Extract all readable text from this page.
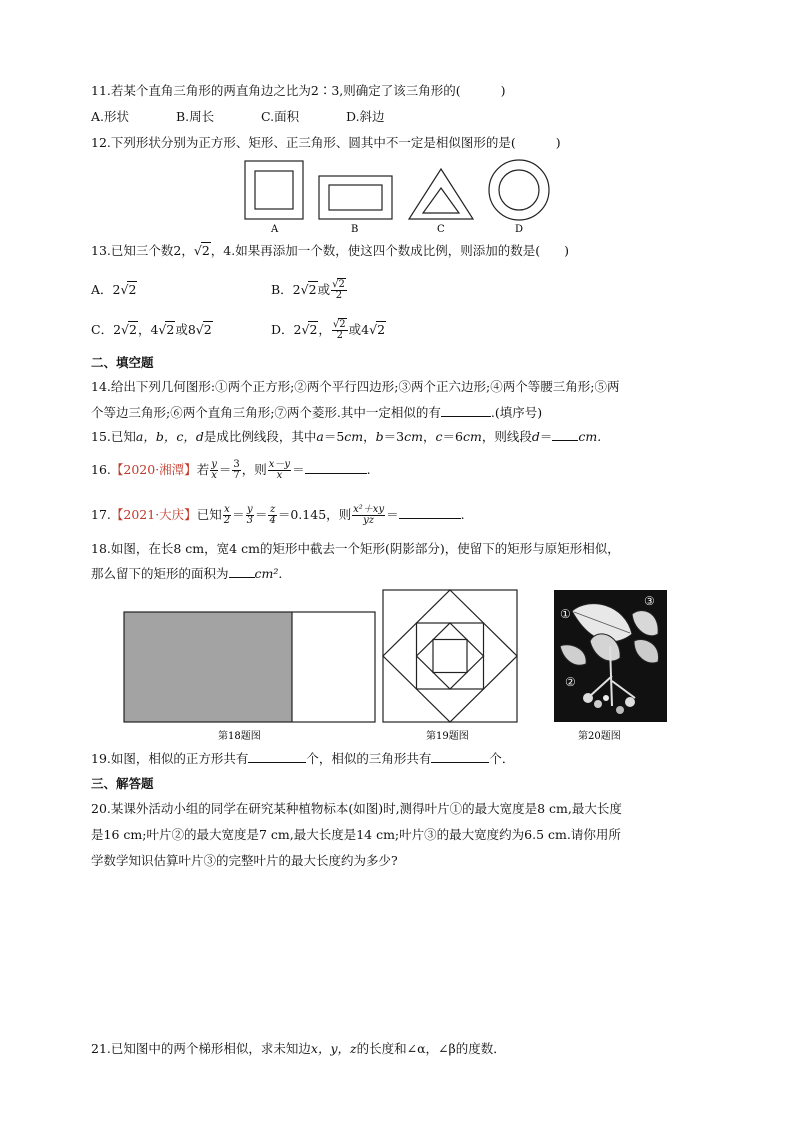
11.若某个直角三角形的两直角边之比为2∶3,则确定了该三角形的(	)
A.形状	B.周长	C.面积	D.斜边
12.下列形状分别为正方形、矩形、正三角形、圆其中不一定是相似图形的是(	)
A	B	C	D
13.已知三个数2，√2，4.如果再添加一个数，使这四个数成比例，则添加的数是( )
A．2√2	B．2√2或 $\frac{√2}{2}$
C．2√2，4√2或8√2	D．2√2， $\frac{√2}{2}$ 或4√2
二、填空题
14.给出下列几何图形:①两个正方形;②两个平行四边形;③两个正六边形;④两个等腰三角形;⑤两
个等边三角形;⑥两个直角三角形;⑦两个菱形.其中一定相似的有	.(填序号)
15.已知a，b，c，d是成比例线段，其中a＝5cm，b＝3cm，c＝6cm，则线段d＝ cm.
16.【2020·湘潭】若 $\frac{y}{x} = \frac{3}{7}$ ，则 $\frac{x-y}{x}$ ＝	.
17.【2021·大庆】已知 $\frac{x}{2} = \frac{y}{3} = \frac{z}{4} =0.145$，则 $\frac{\text{x²＋xy}}{yz}$ ＝	.
18.如图，在长8 cm，宽4 cm的矩形中截去一个矩形(阴影部分)，使留下的矩形与原矩形相似，
那么留下的矩形的面积为 cm².
第18题图	第19题图
①
②
③
第20题图
19.如图，相似的正方形共有	个，相似的三角形共有	个．
三、解答题
20.某课外活动小组的同学在研究某种植物标本(如图)时,测得叶片①的最大宽度是8 cm,最大长度
是16 cm;叶片②的最大宽度是7 cm,最大长度是14 cm;叶片③的最大宽度约为6.5 cm.请你用所
学数学知识估算叶片③的完整叶片的最大长度约为多少?
21.已知图中的两个梯形相似，求未知边x，y，z的长度和∠α，∠β的度数．
